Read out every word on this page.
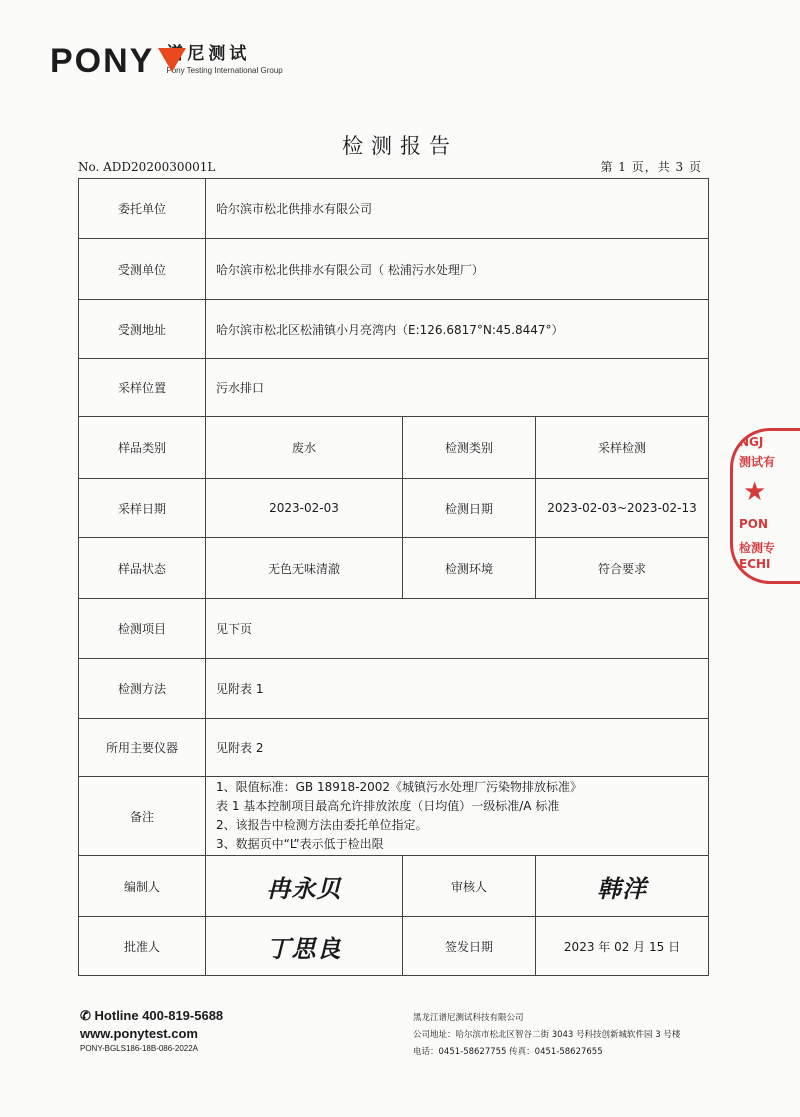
PONY 谱尼测试
Pony Testing International Group
检测报告
No. ADD2020030001L	第 1 页，共 3 页
委托单位	哈尔滨市松北供排水有限公司		
受测单位	哈尔滨市松北供排水有限公司（ 松浦污水处理厂）		
受测地址	哈尔滨市松北区松浦镇小月亮湾内（E:126.6817°N:45.8447°）		
采样位置	污水排口		
样品类别	废水	检测类别	采样检测
采样日期	2023-02-03	检测日期	2023-02-03~2023-02-13
样品状态	无色无味清澈	检测环境	符合要求
检测项目	见下页		
检测方法	见附表 1		
所用主要仪器	见附表 2		
备注	1、限值标准：GB 18918-2002《城镇污水处理厂污染物排放标准》
表 1 基本控制项目最高允许排放浓度（日均值）一级标准/A 标准
2、该报告中检测方法由委托单位指定。
3、数据页中“L”表示低于检出限		

编制人	冉永贝	审核人	韩洋
批准人	丁思良	签发日期	2023 年 02 月 15 日
NGJ
测试有
★
PON
检测专
ECHI
✆ Hotline 400-819-5688
www.ponytest.com
PONY-BGLS186-18B-086-2022A
黑龙江谱尼测试科技有限公司
公司地址：哈尔滨市松北区智谷二街 3043 号科技创新城软件园 3 号楼
电话：0451-58627755 传真：0451-58627655
